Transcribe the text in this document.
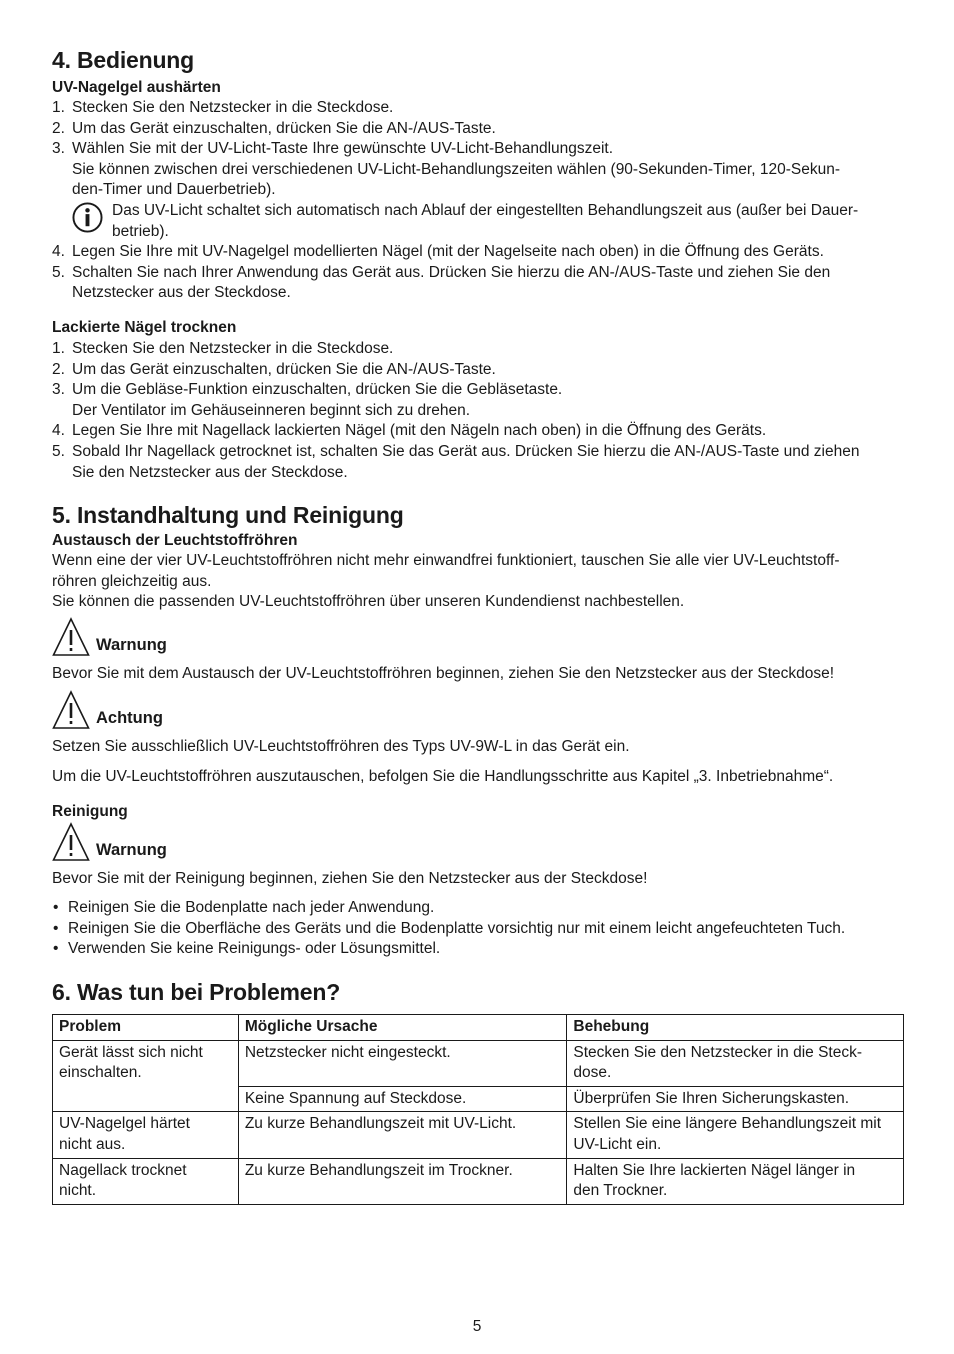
4. Bedienung
UV-Nagelgel aushärten
1. Stecken Sie den Netzstecker in die Steckdose.
2. Um das Gerät einzuschalten, drücken Sie die AN-/AUS-Taste.
3. Wählen Sie mit der UV-Licht-Taste Ihre gewünschte UV-Licht-Behandlungszeit.
Sie können zwischen drei verschiedenen UV-Licht-Behandlungszeiten wählen (90-Sekunden-Timer, 120-Sekun-
den-Timer und Dauerbetrieb).
Das UV-Licht schaltet sich automatisch nach Ablauf der eingestellten Behandlungszeit aus (außer bei Dauer-
betrieb).
4. Legen Sie Ihre mit UV-Nagelgel modellierten Nägel (mit der Nagelseite nach oben) in die Öffnung des Geräts.
5. Schalten Sie nach Ihrer Anwendung das Gerät aus. Drücken Sie hierzu die AN-/AUS-Taste und ziehen Sie den
Netzstecker aus der Steckdose.
Lackierte Nägel trocknen
1. Stecken Sie den Netzstecker in die Steckdose.
2. Um das Gerät einzuschalten, drücken Sie die AN-/AUS-Taste.
3. Um die Gebläse-Funktion einzuschalten, drücken Sie die Gebläsetaste.
Der Ventilator im Gehäuseinneren beginnt sich zu drehen.
4. Legen Sie Ihre mit Nagellack lackierten Nägel (mit den Nägeln nach oben) in die Öffnung des Geräts.
5. Sobald Ihr Nagellack getrocknet ist, schalten Sie das Gerät aus. Drücken Sie hierzu die AN-/AUS-Taste und ziehen
Sie den Netzstecker aus der Steckdose.
5. Instandhaltung und Reinigung
Austausch der Leuchtstoffröhren

Wenn eine der vier UV-Leuchtstoffröhren nicht mehr einwandfrei funktioniert, tauschen Sie alle vier UV-Leuchtstoff-
röhren gleichzeitig aus.

Sie können die passenden UV-Leuchtstoffröhren über unseren Kundendienst nachbestellen.

Warnung

Bevor Sie mit dem Austausch der UV-Leuchtstoffröhren beginnen, ziehen Sie den Netzstecker aus der Steckdose!

Achtung

Setzen Sie ausschließlich UV-Leuchtstoffröhren des Typs UV-9W-L in das Gerät ein.

Um die UV-Leuchtstoffröhren auszutauschen, befolgen Sie die Handlungsschritte aus Kapitel „3. Inbetriebnahme“.

Reinigung
Warnung

Bevor Sie mit der Reinigung beginnen, ziehen Sie den Netzstecker aus der Steckdose!

• Reinigen Sie die Bodenplatte nach jeder Anwendung.
• Reinigen Sie die Oberfläche des Geräts und die Bodenplatte vorsichtig nur mit einem leicht angefeuchteten Tuch.
• Verwenden Sie keine Reinigungs- oder Lösungsmittel.
6. Was tun bei Problemen?
Problem	Mögliche Ursache	Behebung
Gerät lässt sich nicht
einschalten.	Netzstecker nicht eingesteckt.	Stecken Sie den Netzstecker in die Steck-
dose.
	Keine Spannung auf Steckdose.	Überprüfen Sie Ihren Sicherungskasten.
UV-Nagelgel härtet
nicht aus.	Zu kurze Behandlungszeit mit UV-Licht.	Stellen Sie eine längere Behandlungszeit mit
UV-Licht ein.
Nagellack trocknet
nicht.	Zu kurze Behandlungszeit im Trockner.	Halten Sie Ihre lackierten Nägel länger in
den Trockner.
5
